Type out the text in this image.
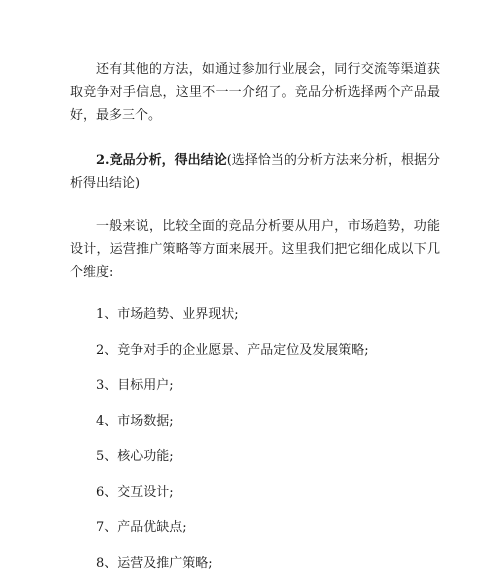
还有其他的方法，如通过参加行业展会，同行交流等渠道获取竞争对手信息，这里不一一介绍了。竞品分析选择两个产品最好，最多三个。

2.竞品分析，得出结论(选择恰当的分析方法来分析，根据分析得出结论)

一般来说，比较全面的竞品分析要从用户，市场趋势，功能设计，运营推广策略等方面来展开。这里我们把它细化成以下几个维度:

1、市场趋势、业界现状;
2、竞争对手的企业愿景、产品定位及发展策略;
3、目标用户;
4、市场数据;
5、核心功能;
6、交互设计;
7、产品优缺点;
8、运营及推广策略;
